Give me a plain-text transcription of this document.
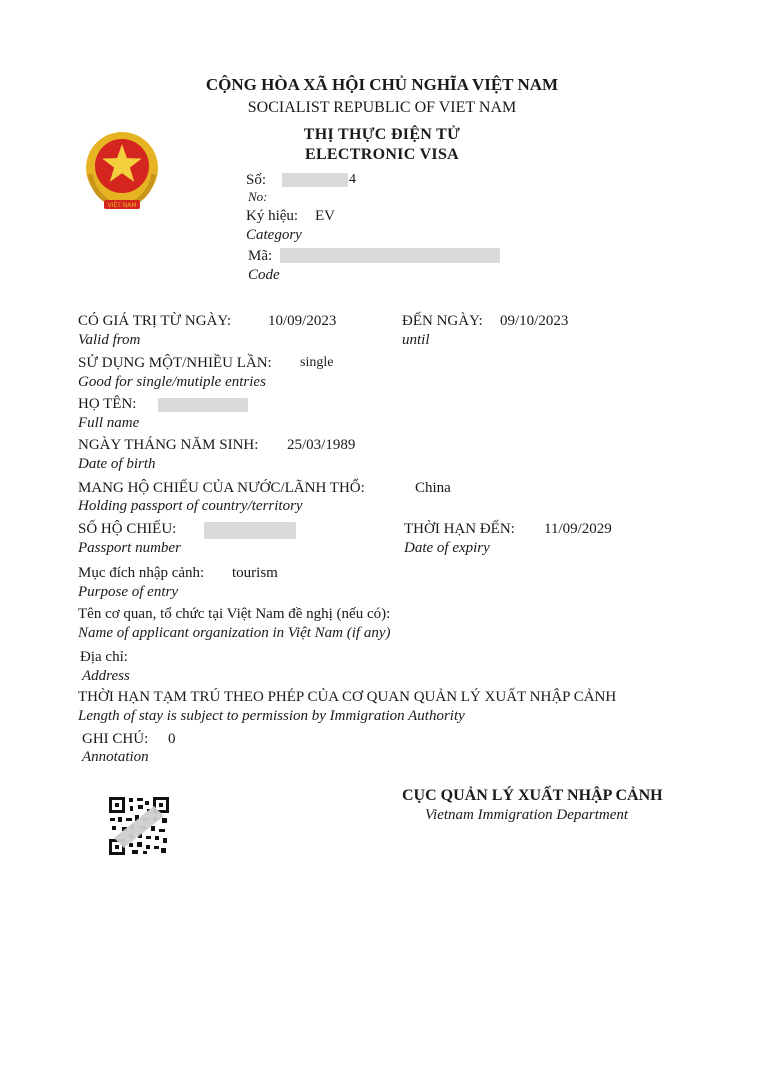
CỘNG HÒA XÃ HỘI CHỦ NGHĨA VIỆT NAM
SOCIALIST REPUBLIC OF VIET NAM
THỊ THỰC ĐIỆN TỬ
ELECTRONIC VISA
VIỆT NAM
Số:	4
No:
Ký hiệu: EV
Category
Mã:
Code
CÓ GIÁ TRỊ TỪ NGÀY: 10/09/2023
Valid from
ĐẾN NGÀY: 09/10/2023
until
SỬ DỤNG MỘT/NHIỀU LẦN: single
Good for single/mutiple entries
HỌ TÊN:
Full name
NGÀY THÁNG NĂM SINH: 25/03/1989
Date of birth
MANG HỘ CHIẾU CỦA NƯỚC/LÃNH THỔ:	China
Holding passport of country/territory
SỐ HỘ CHIẾU:
Passport number
THỜI HẠN ĐẾN: 11/09/2029
Date of expiry
Mục đích nhập cảnh: tourism
Purpose of entry
Tên cơ quan, tổ chức tại Việt Nam đề nghị (nếu có):
Name of applicant organization in Việt Nam (if any)
Địa chỉ:
Address
THỜI HẠN TẠM TRÚ THEO PHÉP CỦA CƠ QUAN QUẢN LÝ XUẤT NHẬP CẢNH
Length of stay is subject to permission by Immigration Authority
GHI CHÚ: 0
Annotation
CỤC QUẢN LÝ XUẤT NHẬP CẢNH
Vietnam Immigration Department
